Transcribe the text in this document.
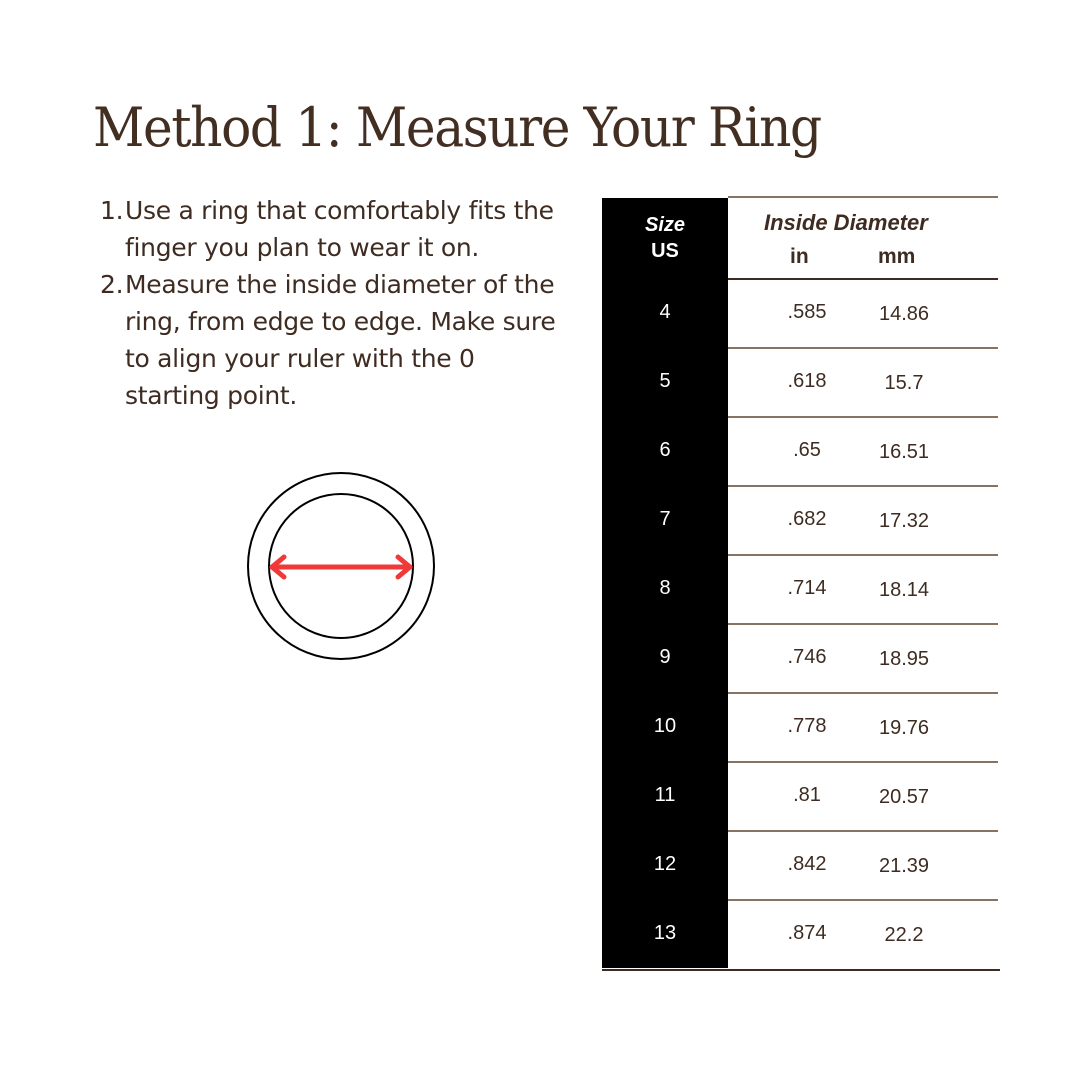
Method 1: Measure Your Ring
1. Use a ring that comfortably fits the finger you plan to wear it on.
2. Measure the inside diameter of the ring, from edge to edge. Make sure to align your ruler with the 0 starting point.
Size
US
Inside Diameter
in	mm
4	.585	14.86
5	.618	15.7
6	.65	16.51
7	.682	17.32
8	.714	18.14
9	.746	18.95
10	.778	19.76
11	.81	20.57
12	.842	21.39
13	.874	22.2
